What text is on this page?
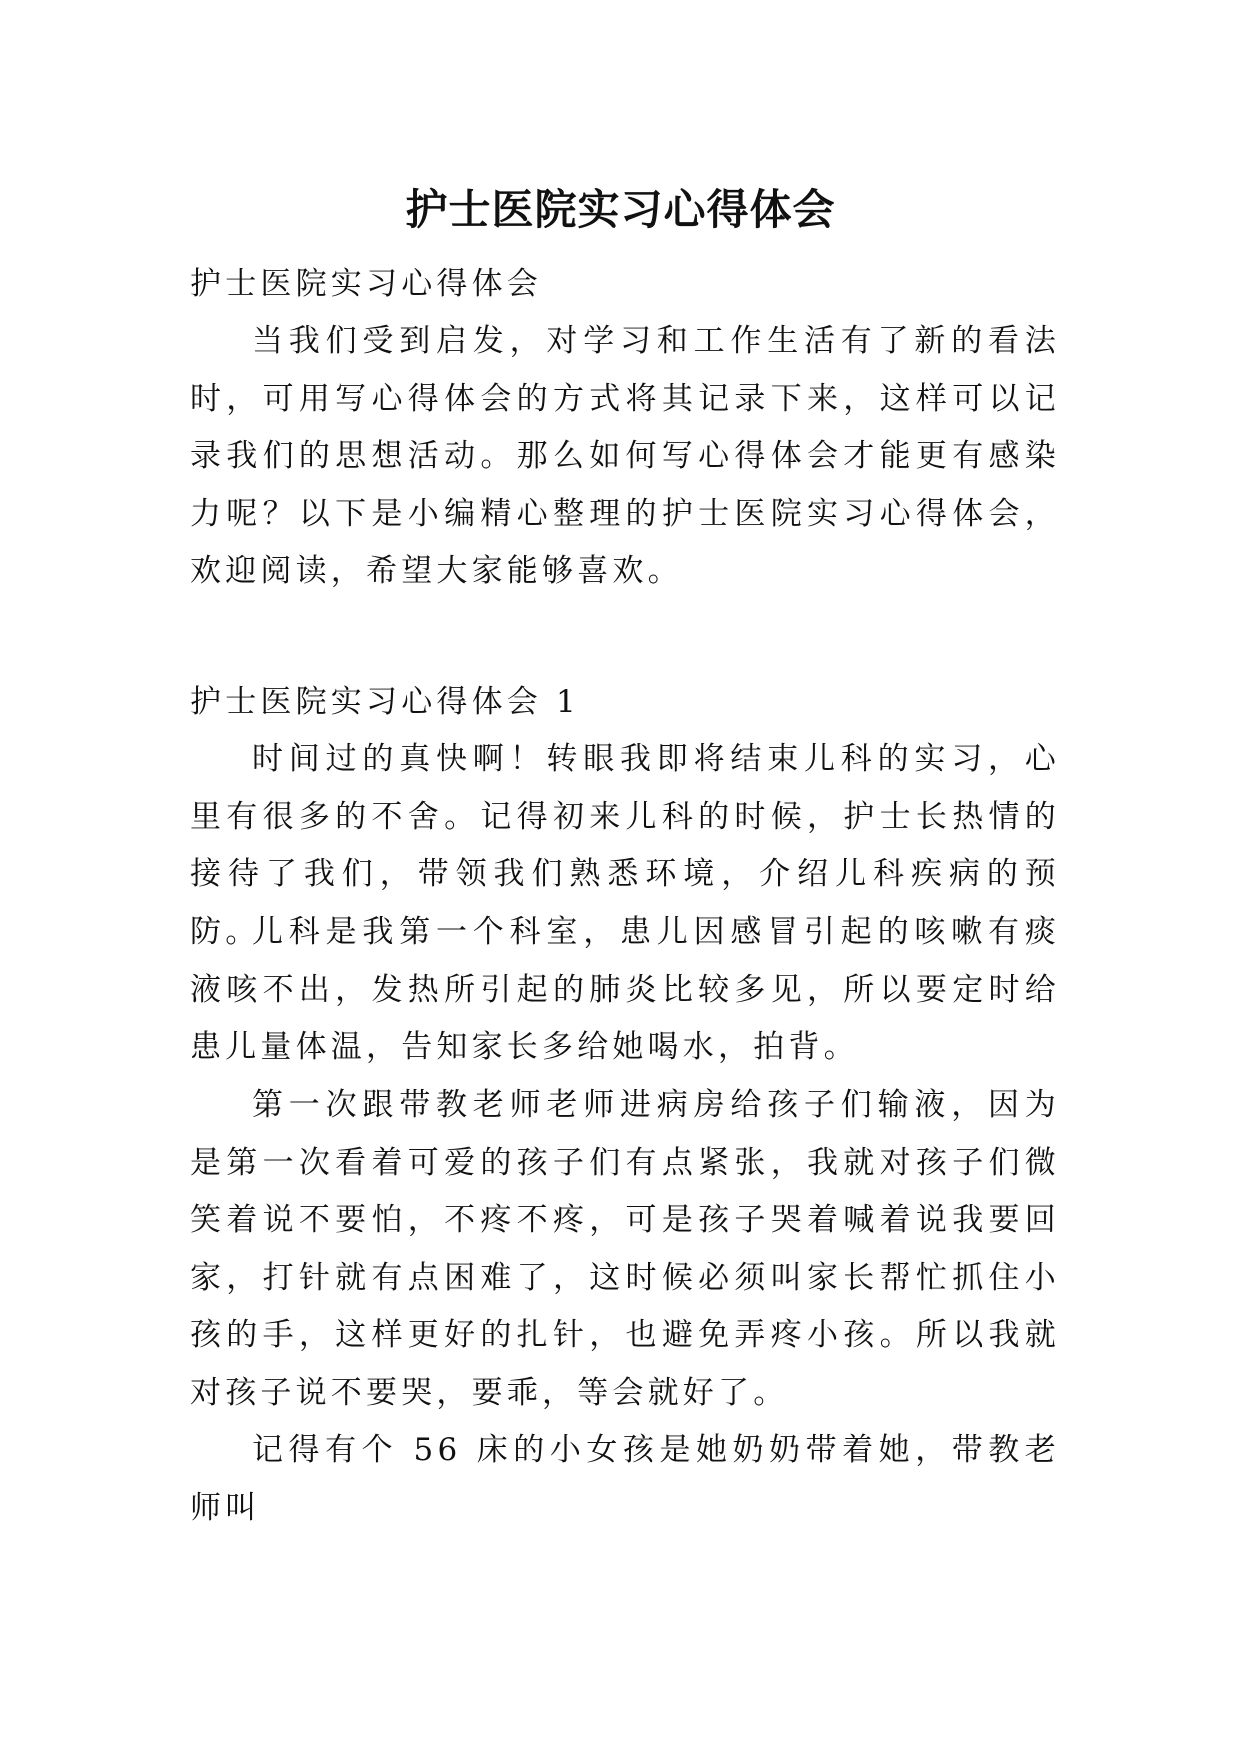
护士医院实习心得体会

护士医院实习心得体会

当我们受到启发，对学习和工作生活有了新的看法时，可用写心得体会的方式将其记录下来，这样可以记录我们的思想活动。那么如何写心得体会才能更有感染力呢？以下是小编精心整理的护士医院实习心得体会，欢迎阅读，希望大家能够喜欢。

护士医院实习心得体会 1

时间过的真快啊！转眼我即将结束儿科的实习，心里有很多的不舍。记得初来儿科的时候，护士长热情的接待了我们，带领我们熟悉环境，介绍儿科疾病的预防。

儿科是我第一个科室，患儿因感冒引起的咳嗽有痰液咳不出，发热所引起的肺炎比较多见，所以要定时给患儿量体温，告知家长多给她喝水，拍背。

第一次跟带教老师老师进病房给孩子们输液，因为是第一次看着可爱的孩子们有点紧张，我就对孩子们微笑着说不要怕，不疼不疼，可是孩子哭着喊着说我要回家，打针就有点困难了，这时候必须叫家长帮忙抓住小孩的手，这样更好的扎针，也避免弄疼小孩。所以我就对孩子说不要哭，要乖，等会就好了。

记得有个 56 床的小女孩是她奶奶带着她，带教老师叫
